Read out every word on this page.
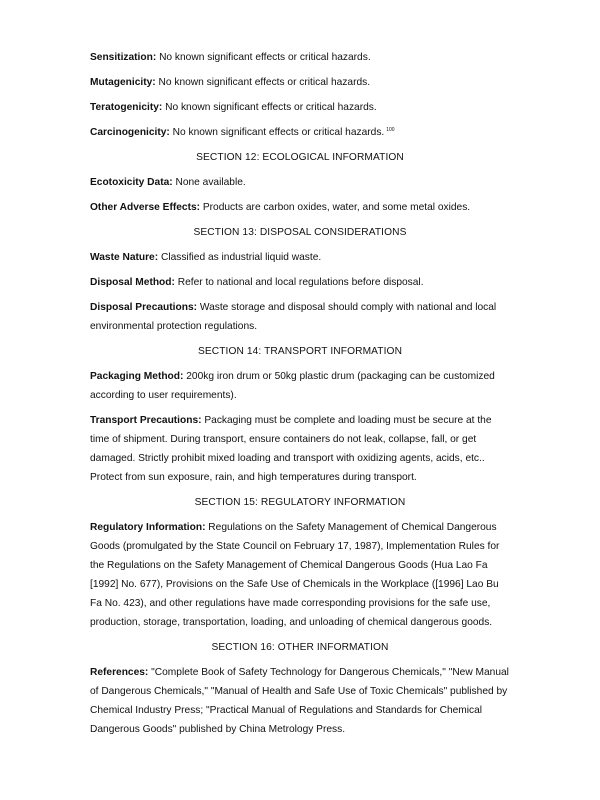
Sensitization: No known significant effects or critical hazards.

Mutagenicity: No known significant effects or critical hazards.

Teratogenicity: No known significant effects or critical hazards.

Carcinogenicity: No known significant effects or critical hazards. $^{100}$

SECTION 12: ECOLOGICAL INFORMATION

Ecotoxicity Data: None available.

Other Adverse Effects: Products are carbon oxides, water, and some metal oxides.

SECTION 13: DISPOSAL CONSIDERATIONS

Waste Nature: Classified as industrial liquid waste.

Disposal Method: Refer to national and local regulations before disposal.

Disposal Precautions: Waste storage and disposal should comply with national and local environmental protection regulations.

SECTION 14: TRANSPORT INFORMATION

Packaging Method: 200kg iron drum or 50kg plastic drum (packaging can be customized according to user requirements).

Transport Precautions: Packaging must be complete and loading must be secure at the time of shipment. During transport, ensure containers do not leak, collapse, fall, or get damaged. Strictly prohibit mixed loading and transport with oxidizing agents, acids, etc.. Protect from sun exposure, rain, and high temperatures during transport.

SECTION 15: REGULATORY INFORMATION

Regulatory Information: Regulations on the Safety Management of Chemical Dangerous Goods (promulgated by the State Council on February 17, 1987), Implementation Rules for the Regulations on the Safety Management of Chemical Dangerous Goods (Hua Lao Fa [1992] No. 677), Provisions on the Safe Use of Chemicals in the Workplace ([1996] Lao Bu Fa No. 423), and other regulations have made corresponding provisions for the safe use, production, storage, transportation, loading, and unloading of chemical dangerous goods.

SECTION 16: OTHER INFORMATION

References: "Complete Book of Safety Technology for Dangerous Chemicals," "New Manual of Dangerous Chemicals," "Manual of Health and Safe Use of Toxic Chemicals" published by Chemical Industry Press; "Practical Manual of Regulations and Standards for Chemical Dangerous Goods" published by China Metrology Press.
